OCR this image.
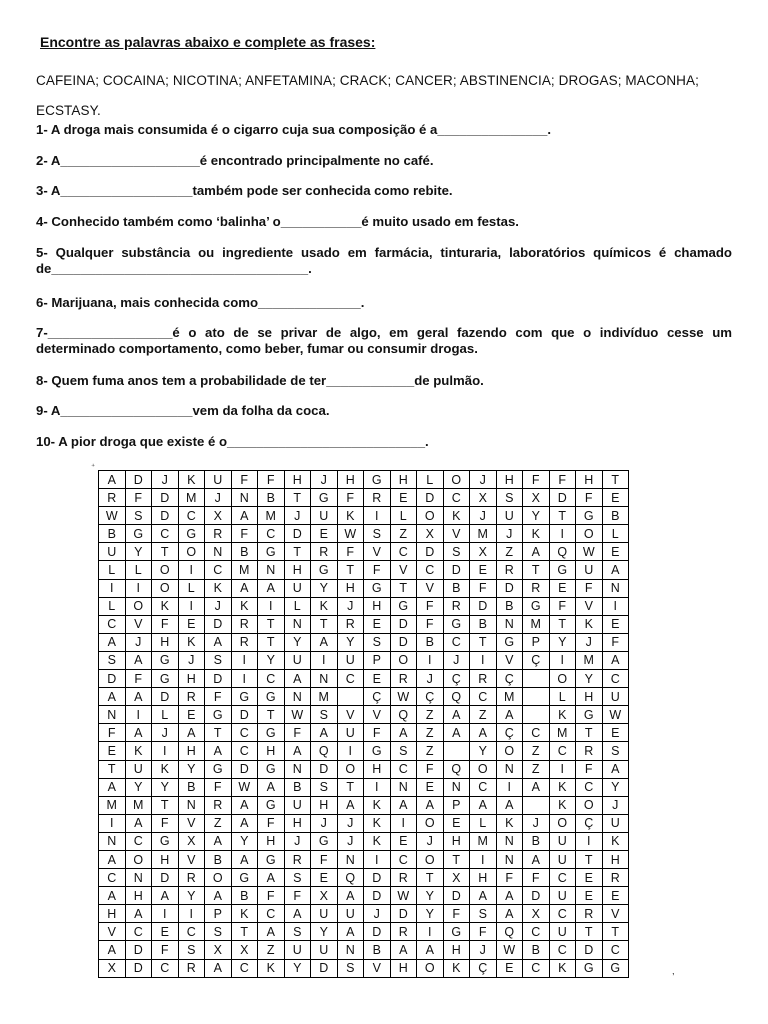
Encontre as palavras abaixo e complete as frases:
CAFEINA; COCAINA; NICOTINA; ANFETAMINA; CRACK; CANCER; ABSTINENCIA; DROGAS; MACONHA;
ECSTASY.
1- A droga mais consumida é o cigarro cuja sua composição é a_______________.
2- A___________________é encontrado principalmente no café.
3- A__________________também pode ser conhecida como rebite.
4- Conhecido também como ‘balinha’ o___________é muito usado em festas.
5- Qualquer substância ou ingrediente usado em farmácia, tinturaria, laboratórios químicos é chamado de___________________________________.
6- Marijuana, mais conhecida como______________.
7-_________________é o ato de se privar de algo, em geral fazendo com que o indivíduo cesse um determinado comportamento, como beber, fumar ou consumir drogas.
8- Quem fuma anos tem a probabilidade de ter____________de pulmão.
9- A__________________vem da folha da coca.
10- A pior droga que existe é o___________________________.
⁺
A	D	J	K	U	F	F	H	J	H	G	H	L	O	J	H	F	F	H	T
R	F	D	M	J	N	B	T	G	F	R	E	D	C	X	S	X	D	F	E
W	S	D	C	X	A	M	J	U	K	I	L	O	K	J	U	Y	T	G	B
B	G	C	G	R	F	C	D	E	W	S	Z	X	V	M	J	K	I	O	L
U	Y	T	O	N	B	G	T	R	F	V	C	D	S	X	Z	A	Q	W	E
L	L	O	I	C	M	N	H	G	T	F	V	C	D	E	R	T	G	U	A
I	I	O	L	K	A	A	U	Y	H	G	T	V	B	F	D	R	E	F	N
L	O	K	I	J	K	I	L	K	J	H	G	F	R	D	B	G	F	V	I
C	V	F	E	D	R	T	N	T	R	E	D	F	G	B	N	M	T	K	E
A	J	H	K	A	R	T	Y	A	Y	S	D	B	C	T	G	P	Y	J	F
S	A	G	J	S	I	Y	U	I	U	P	O	I	J	I	V	Ç	I	M	A
D	F	G	H	D	I	C	A	N	C	E	R	J	Ç	R	Ç		O	Y	C
A	A	D	R	F	G	G	N	M		Ç	W	Ç	Q	C	M		L	H	U
N	I	L	E	G	D	T	W	S	V	V	Q	Z	A	Z	A		K	G	W
F	A	J	A	T	C	G	F	A	U	F	A	Z	A	A	Ç	C	M	T	E
E	K	I	H	A	C	H	A	Q	I	G	S	Z		Y	O	Z	C	R	S
T	U	K	Y	G	D	G	N	D	O	H	C	F	Q	O	N	Z	I	F	A
A	Y	Y	B	F	W	A	B	S	T	I	N	E	N	C	I	A	K	C	Y
M	M	T	N	R	A	G	U	H	A	K	A	A	P	A	A		K	O	J
I	A	F	V	Z	A	F	H	J	J	K	I	O	E	L	K	J	O	Ç	U
N	C	G	X	A	Y	H	J	G	J	K	E	J	H	M	N	B	U	I	K
A	O	H	V	B	A	G	R	F	N	I	C	O	T	I	N	A	U	T	H
C	N	D	R	O	G	A	S	E	Q	D	R	T	X	H	F	F	C	E	R
A	H	A	Y	A	B	F	F	X	A	D	W	Y	D	A	A	D	U	E	E
H	A	I	I	P	K	C	A	U	U	J	D	Y	F	S	A	X	C	R	V
V	C	E	C	S	T	A	S	Y	A	D	R	I	G	F	Q	C	U	T	T
A	D	F	S	X	X	Z	U	U	N	B	A	A	H	J	W	B	C	D	C
X	D	C	R	A	C	K	Y	D	S	V	H	O	K	Ç	E	C	K	G	G	,
